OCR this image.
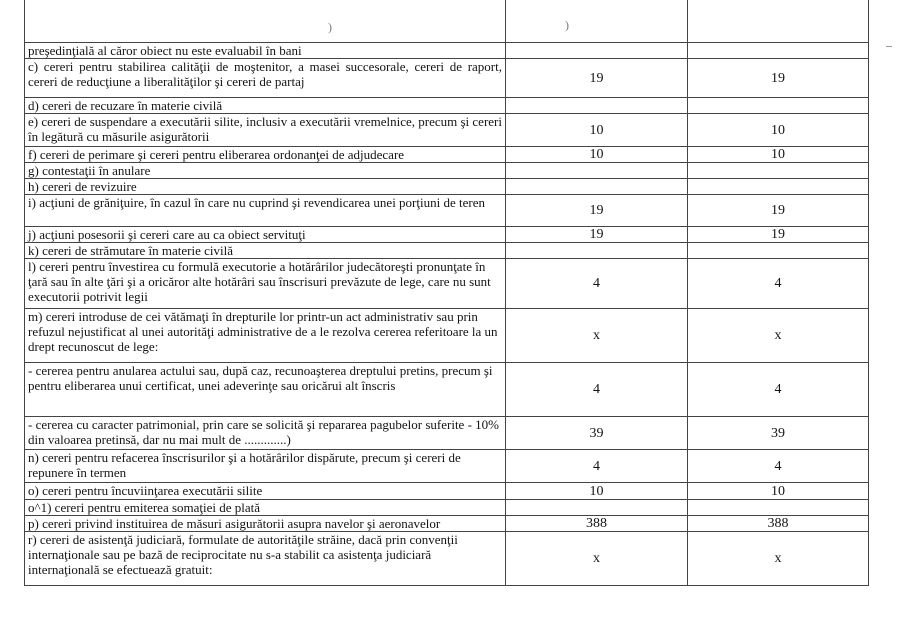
)	)
preşedinţială al căror obiect nu este evaluabil în bani		
c) cereri pentru stabilirea calităţii de moştenitor, a masei succesorale, cereri de raport, cereri de reducţiune a liberalităţilor şi cereri de partaj	19	19
d) cereri de recuzare în materie civilă		
e) cereri de suspendare a executării silite, inclusiv a executării vremelnice, precum şi cereri în legătură cu măsurile asigurătorii	10	10
f) cereri de perimare şi cereri pentru eliberarea ordonanţei de adjudecare	10	10
g) contestaţii în anulare		
h) cereri de revizuire		
i) acţiuni de grăniţuire, în cazul în care nu cuprind şi revendicarea unei porţiuni de teren	19	19
j) acţiuni posesorii şi cereri care au ca obiect servituţi	19	19
k) cereri de strămutare în materie civilă		
l) cereri pentru învestirea cu formulă executorie a hotărârilor judecătoreşti pronunţate în ţară sau în alte ţări şi a oricăror alte hotărâri sau înscrisuri prevăzute de lege, care nu sunt executorii potrivit legii	4	4
m) cereri introduse de cei vătămaţi în drepturile lor printr-un act administrativ sau prin refuzul nejustificat al unei autorităţi administrative de a le rezolva cererea referitoare la un drept recunoscut de lege:	x	x
- cererea pentru anularea actului sau, după caz, recunoaşterea dreptului pretins, precum şi pentru eliberarea unui certificat, unei adeverinţe sau oricărui alt înscris	4	4
- cererea cu caracter patrimonial, prin care se solicită şi repararea pagubelor suferite - 10% din valoarea pretinsă, dar nu mai mult de .............)	39	39
n) cereri pentru refacerea înscrisurilor şi a hotărârilor dispărute, precum şi cereri de repunere în termen	4	4
o) cereri pentru încuviinţarea executării silite	10	10
o^1) cereri pentru emiterea somaţiei de plată		
p) cereri privind instituirea de măsuri asigurătorii asupra navelor şi aeronavelor	388	388
r) cereri de asistenţă judiciară, formulate de autorităţile străine, dacă prin convenţii internaţionale sau pe bază de reciprocitate nu s-a stabilit ca asistenţa judiciară internaţională se efectuează gratuit:	x	x
